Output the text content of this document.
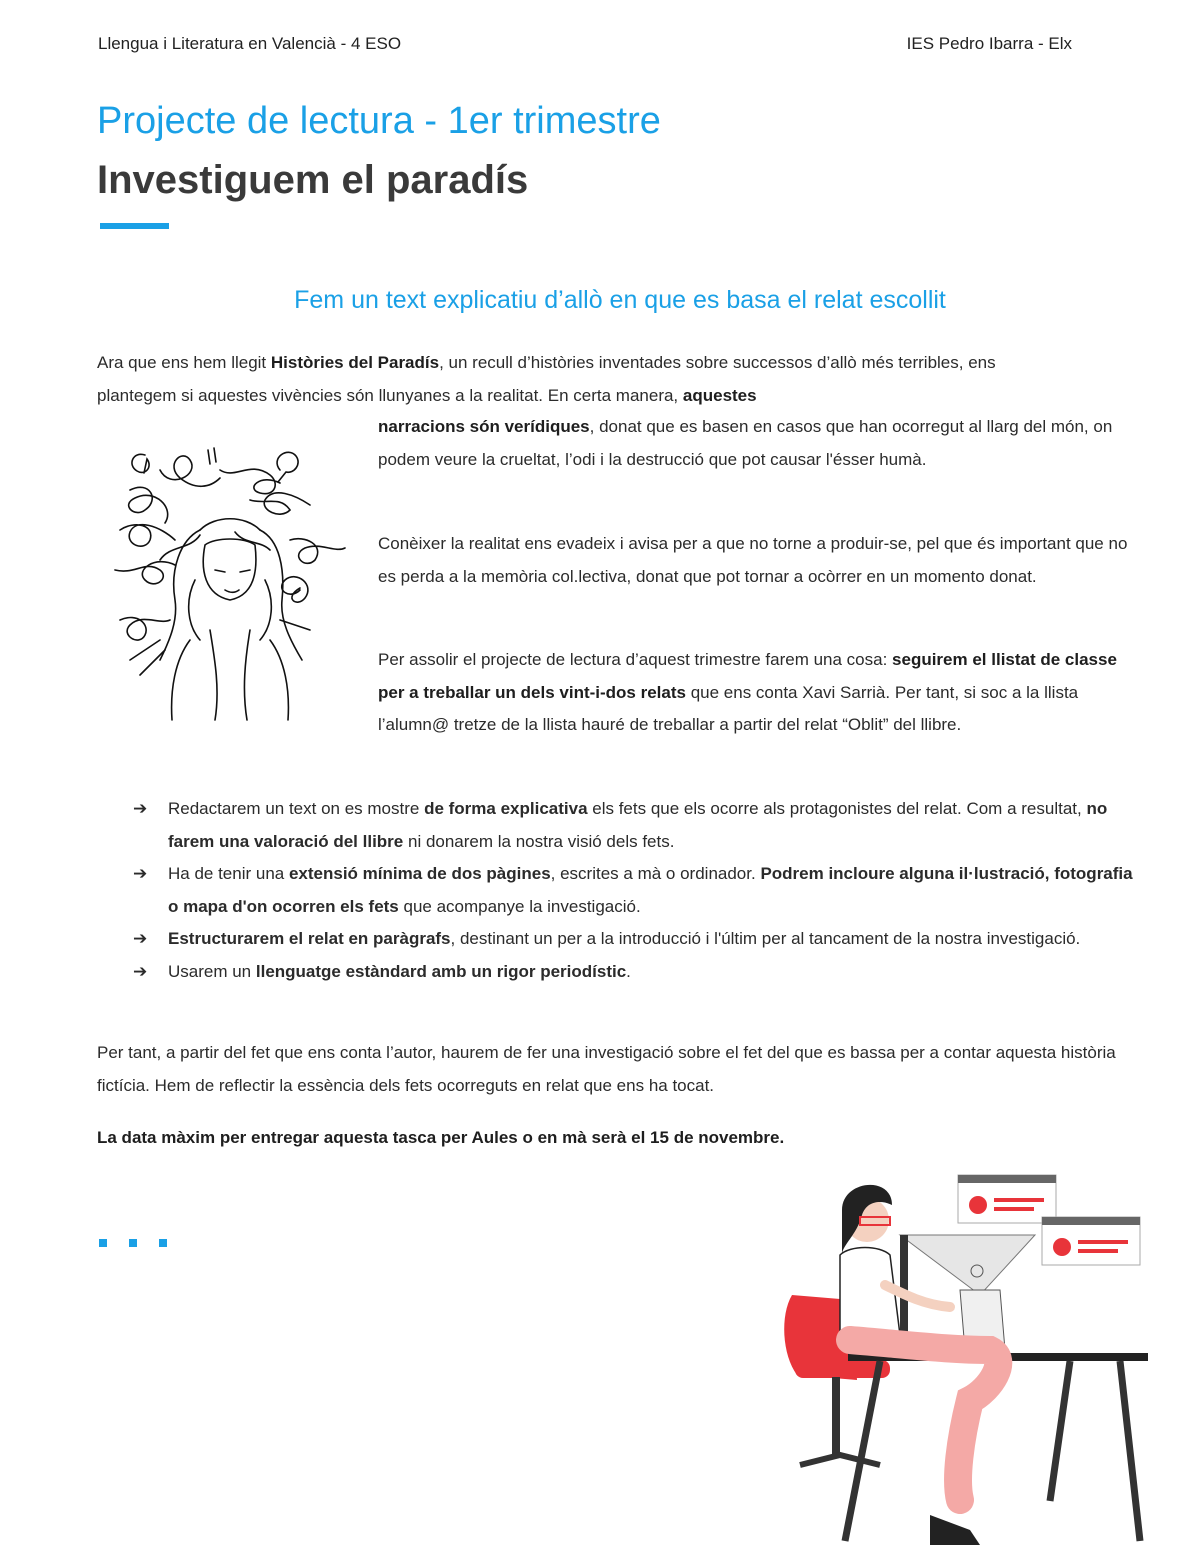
Llengua i Literatura en Valencià - 4 ESO	IES Pedro Ibarra - Elx
Projecte de lectura - 1er trimestre
Investiguem el paradís
Fem un text explicatiu d’allò en que es basa el relat escollit

Ara que ens hem llegit Històries del Paradís, un recull d’històries inventades sobre successos d’allò més terribles, ens plantegem si aquestes vivències són llunyanes a la realitat. En certa manera, aquestes

narracions són verídiques, donat que es basen en casos que han ocorregut al llarg del món, on podem veure la crueltat, l’odi i la destrucció que pot causar l'ésser humà.

Conèixer la realitat ens evadeix i avisa per a que no torne a produir-se, pel que és important que no es perda a la memòria col.lectiva, donat que pot tornar a ocòrrer en un momento donat.

Per assolir el projecte de lectura d’aquest trimestre farem una cosa: seguirem el llistat de classe per a treballar un dels vint-i-dos relats que ens conta Xavi Sarrià. Per tant, si soc a la llista l’alumn@ tretze de la llista hauré de treballar a partir del relat “Oblit” del llibre.

➔ Redactarem un text on es mostre de forma explicativa els fets que els ocorre als protagonistes del relat. Com a resultat, no farem una valoració del llibre ni donarem la nostra visió dels fets.
➔ Ha de tenir una extensió mínima de dos pàgines, escrites a mà o ordinador. Podrem incloure alguna il·lustració, fotografia o mapa d'on ocorren els fets que acompanye la investigació.
➔ Estructurarem el relat en paràgrafs, destinant un per a la introducció i l'últim per al tancament de la nostra investigació.
➔ Usarem un llenguatge estàndard amb un rigor periodístic.

Per tant, a partir del fet que ens conta l’autor, haurem de fer una investigació sobre el fet del que es bassa per a contar aquesta història fictícia. Hem de reflectir la essència dels fets ocorreguts en relat que ens ha tocat.

La data màxim per entregar aquesta tasca per Aules o en mà serà el 15 de novembre.
